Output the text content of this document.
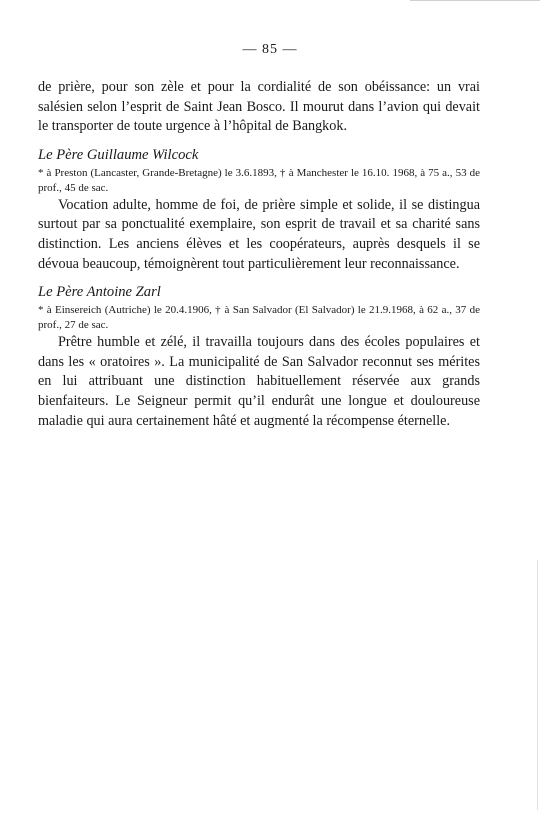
— 85 —

de prière, pour son zèle et pour la cordialité de son obéissance: un vrai salésien selon l’esprit de Saint Jean Bosco. Il mourut dans l’avion qui devait le transporter de toute urgence à l’hôpital de Bangkok.

Le Père Guillaume Wilcock

* à Preston (Lancaster, Grande-Bretagne) le 3.6.1893, † à Manchester le 16.10. 1968, à 75 a., 53 de prof., 45 de sac.

Vocation adulte, homme de foi, de prière simple et solide, il se distingua surtout par sa ponctualité exemplaire, son esprit de travail et sa charité sans distinction. Les anciens élèves et les coopérateurs, auprès desquels il se dévoua beaucoup, témoignèrent tout particulièrement leur reconnaissance.

Le Père Antoine Zarl

* à Einsereich (Autriche) le 20.4.1906, † à San Salvador (El Salvador) le 21.9.1968, à 62 a., 37 de prof., 27 de sac.

Prêtre humble et zélé, il travailla toujours dans des écoles populaires et dans les « oratoires ». La municipalité de San Salvador reconnut ses mérites en lui attribuant une distinction habituellement réservée aux grands bienfaiteurs. Le Seigneur permit qu’il endurât une longue et douloureuse maladie qui aura certainement hâté et augmenté la récompense éternelle.
